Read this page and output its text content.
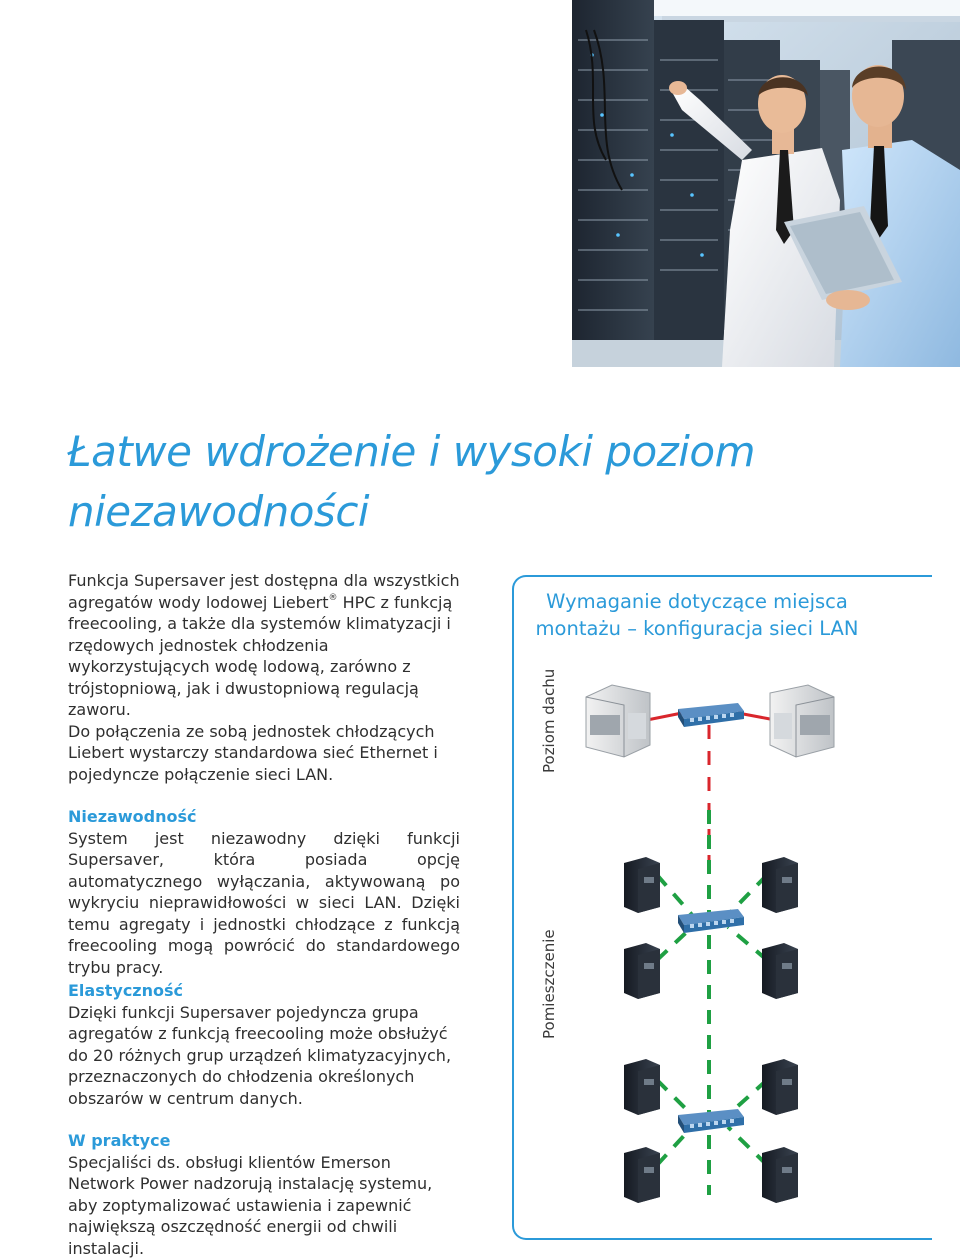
Łatwe wdrożenie i wysoki poziom niezawodności

Funkcja Supersaver jest dostępna dla wszystkich agregatów wody lodowej Liebert® HPC z funkcją freecooling, a także dla systemów klimatyzacji i rzędowych jednostek chłodzenia wykorzystujących wodę lodową, zarówno z trójstopniową, jak i dwustopniową regulacją zaworu.

Do połączenia ze sobą jednostek chłodzących Liebert wystarczy standardowa sieć Ethernet i pojedyncze połączenie sieci LAN.

Niezawodność

System jest niezawodny dzięki funkcji Supersaver, która posiada opcję automatycznego wyłączania, aktywowaną po wykryciu nieprawidłowości w sieci LAN. Dzięki temu agregaty i jednostki chłodzące z funkcją freecooling mogą powrócić do standardowego trybu pracy.

Elastyczność

Dzięki funkcji Supersaver pojedyncza grupa agregatów z funkcją freecooling może obsłużyć do 20 różnych grup urządzeń klimatyzacyjnych, przeznaczonych do chłodzenia określonych obszarów w centrum danych.

W praktyce

Specjaliści ds. obsługi klientów Emerson Network Power nadzorują instalację systemu, aby zoptymalizować ustawienia i zapewnić największą oszczędność energii od chwili instalacji.

Wymaganie dotyczące miejsca montażu – konfiguracja sieci LAN
Poziom dachu
Pomieszczenie
